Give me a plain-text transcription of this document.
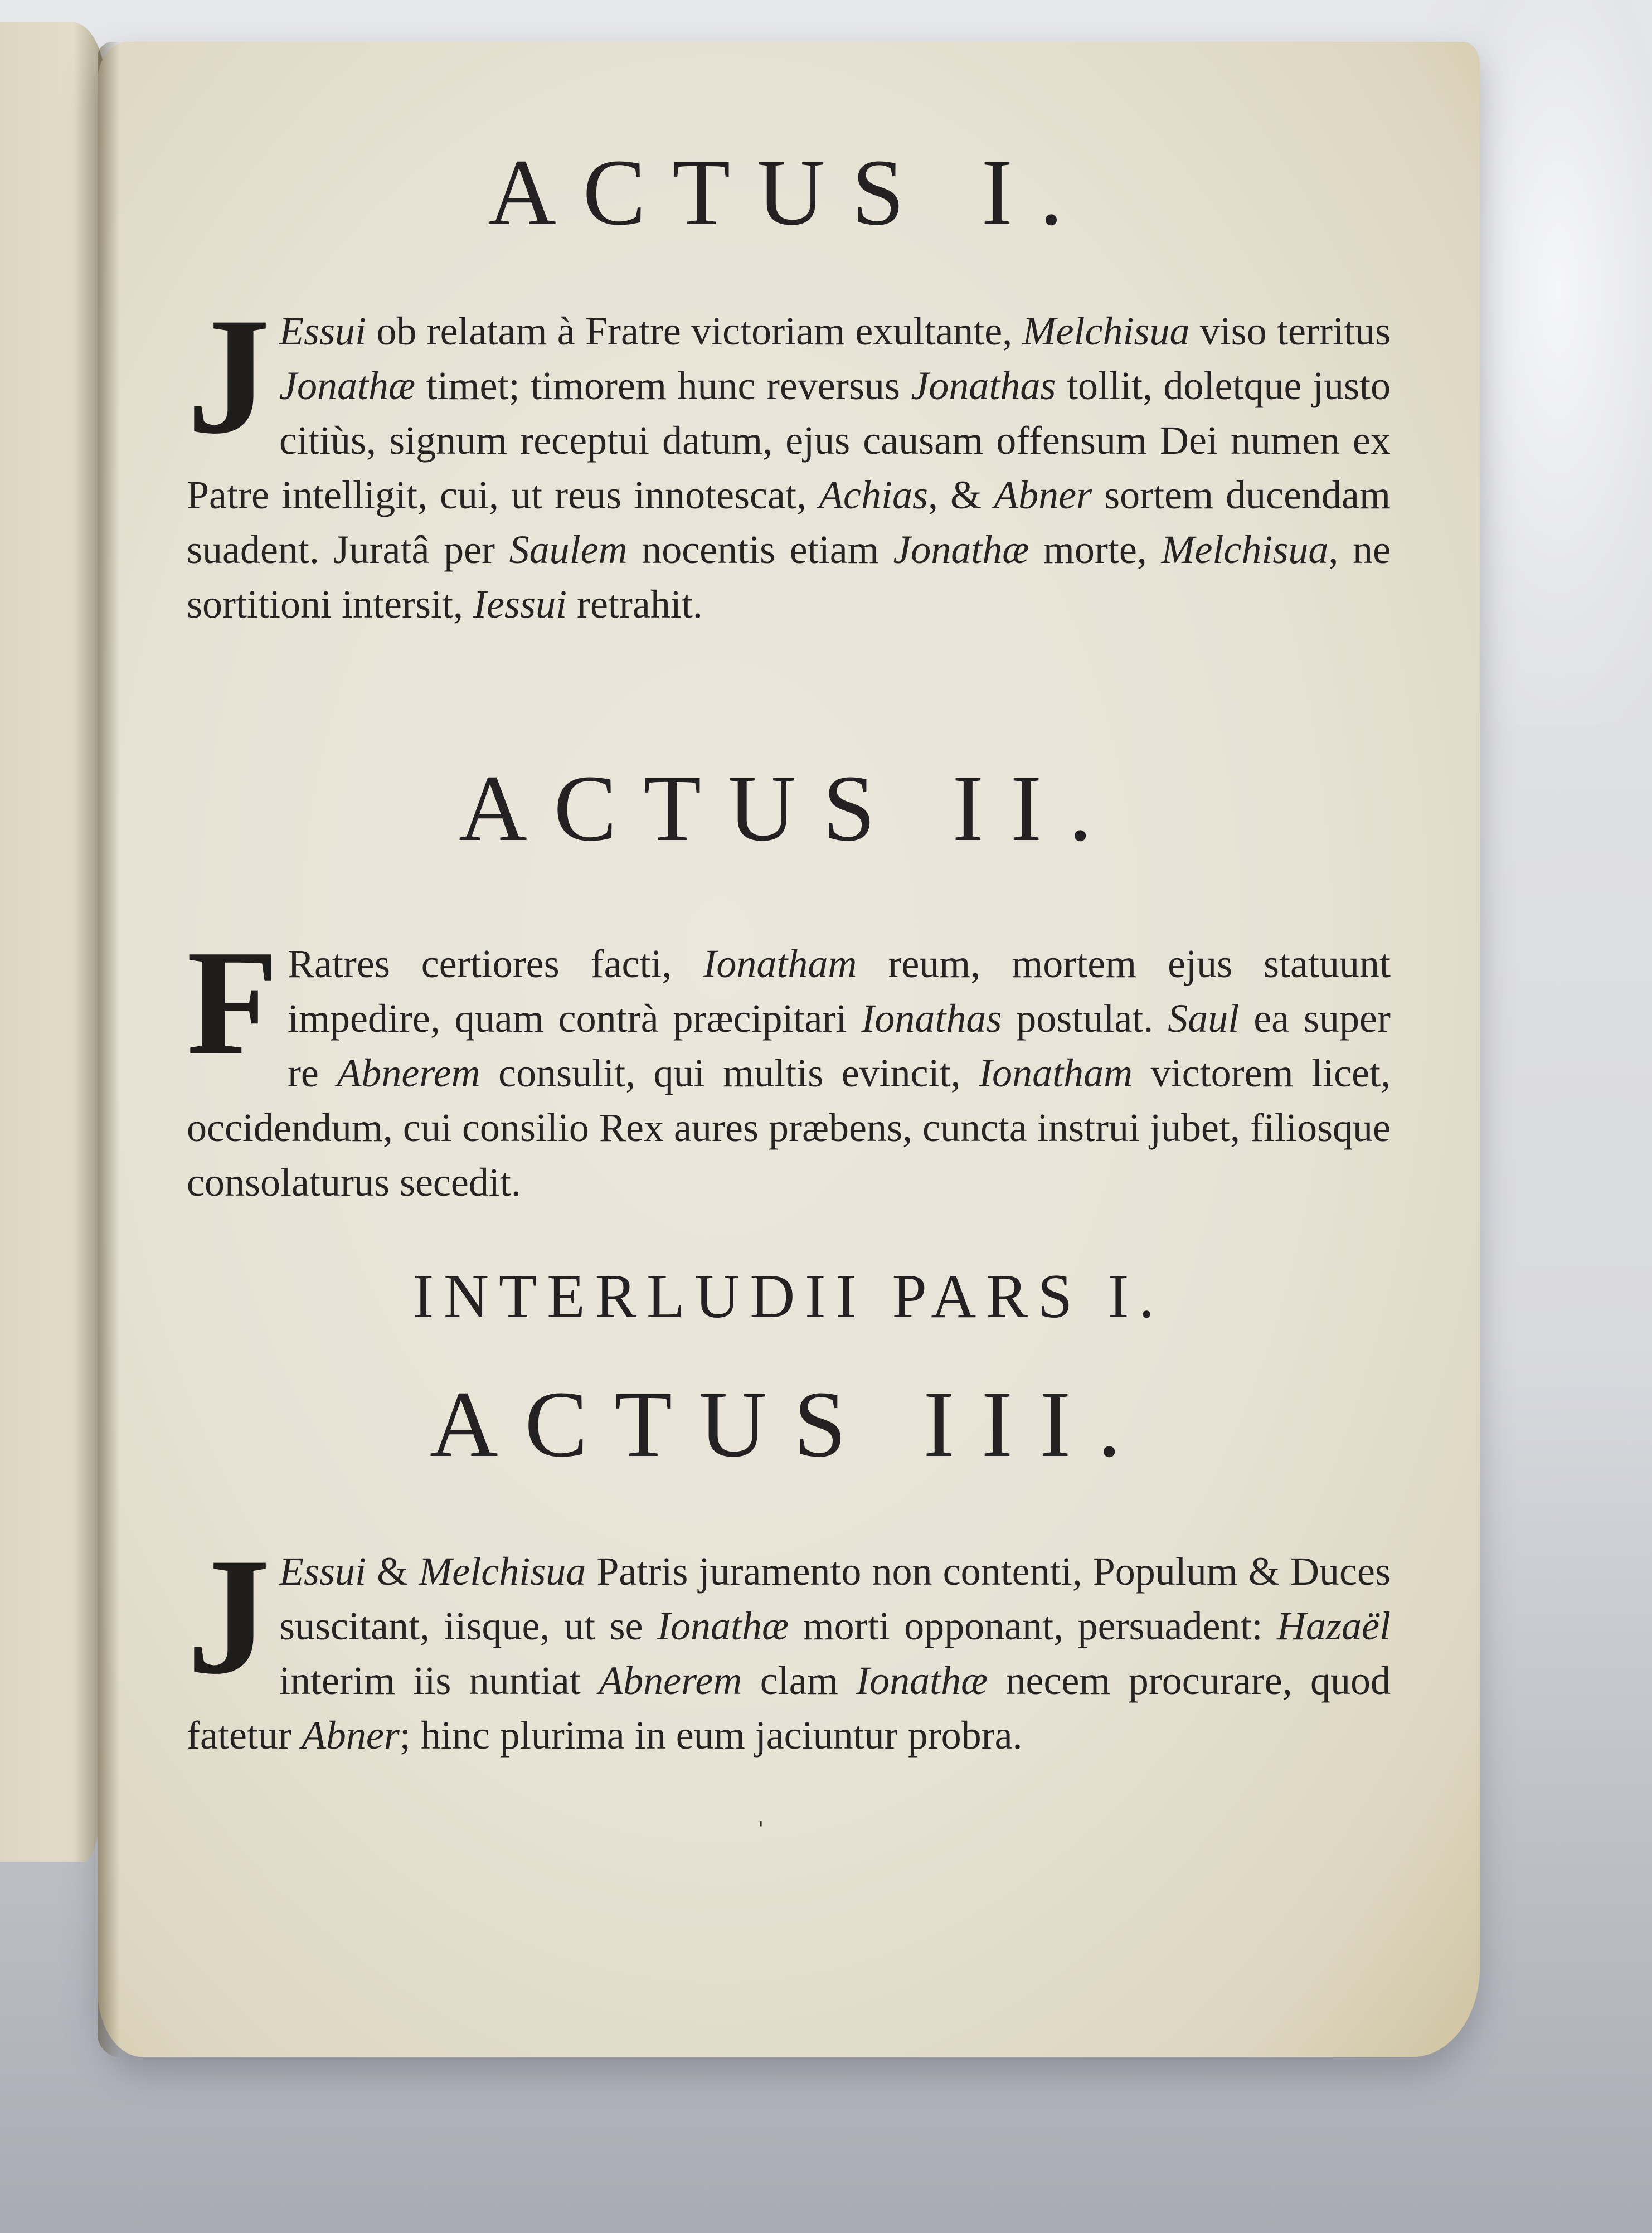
ACTUS I.
J Essui ob relatam à Fratre victoriam exultante, Melchisua viso territus Jonathæ timet; timorem hunc reversus Jonathas tollit, doletque justo citiùs, signum receptui datum, ejus causam offensum Dei numen ex Patre intelligit, cui, ut reus innotescat, Achias, & Abner sortem ducendam suadent. Juratâ per Saulem nocentis etiam Jonathæ morte, Melchisua, ne sortitioni intersit, Iessui retrahit.
ACTUS II.
F Ratres certiores facti, Ionatham reum, mortem ejus statuunt impedire, quam contrà præcipitari Ionathas postulat. Saul ea super re Abnerem consulit, qui multis evincit, Ionatham victorem licet, occidendum, cui consilio Rex aures præbens, cuncta instrui jubet, filiosque consolaturus secedit.
INTERLUDII PARS I.
ACTUS III.
J Essui & Melchisua Patris juramento non contenti, Populum & Duces suscitant, iisque, ut se Ionathæ morti opponant, persuadent: Hazaël interim iis nuntiat Abnerem clam Ionathæ necem procurare, quod fatetur Abner; hinc plurima in eum jaciuntur probra.
ˈ
